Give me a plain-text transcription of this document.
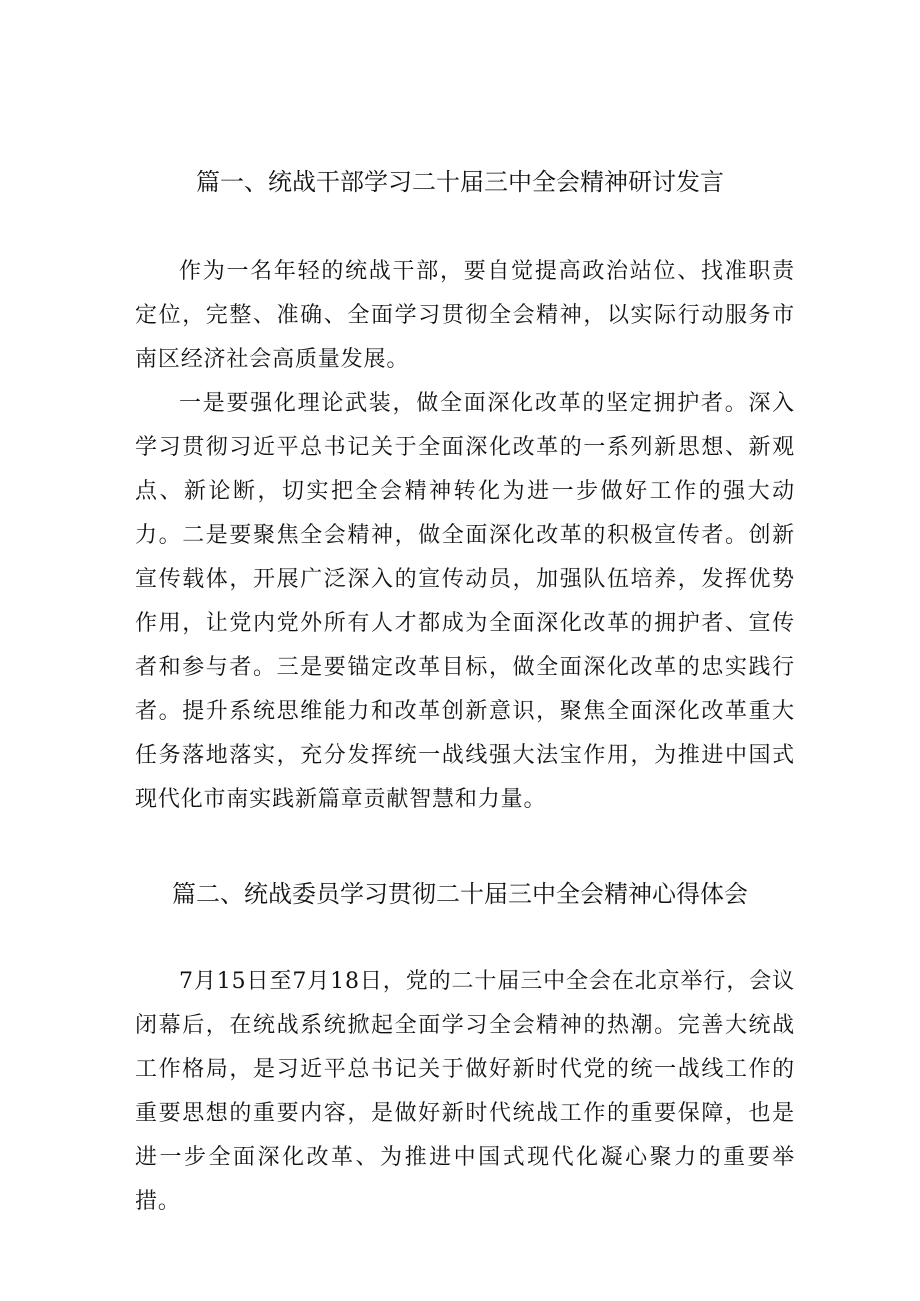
篇一、统战干部学习二十届三中全会精神研讨发言

作为一名年轻的统战干部，要自觉提高政治站位、找准职责定位，完整、准确、全面学习贯彻全会精神，以实际行动服务市南区经济社会高质量发展。

一是要强化理论武装，做全面深化改革的坚定拥护者。深入学习贯彻习近平总书记关于全面深化改革的一系列新思想、新观点、新论断，切实把全会精神转化为进一步做好工作的强大动力。二是要聚焦全会精神，做全面深化改革的积极宣传者。创新宣传载体，开展广泛深入的宣传动员，加强队伍培养，发挥优势作用，让党内党外所有人才都成为全面深化改革的拥护者、宣传者和参与者。三是要锚定改革目标，做全面深化改革的忠实践行者。提升系统思维能力和改革创新意识，聚焦全面深化改革重大任务落地落实，充分发挥统一战线强大法宝作用，为推进中国式现代化市南实践新篇章贡献智慧和力量。

篇二、统战委员学习贯彻二十届三中全会精神心得体会

7月15日至7月18日，党的二十届三中全会在北京举行，会议闭幕后，在统战系统掀起全面学习全会精神的热潮。完善大统战工作格局，是习近平总书记关于做好新时代党的统一战线工作的重要思想的重要内容，是做好新时代统战工作的重要保障，也是进一步全面深化改革、为推进中国式现代化凝心聚力的重要举措。
